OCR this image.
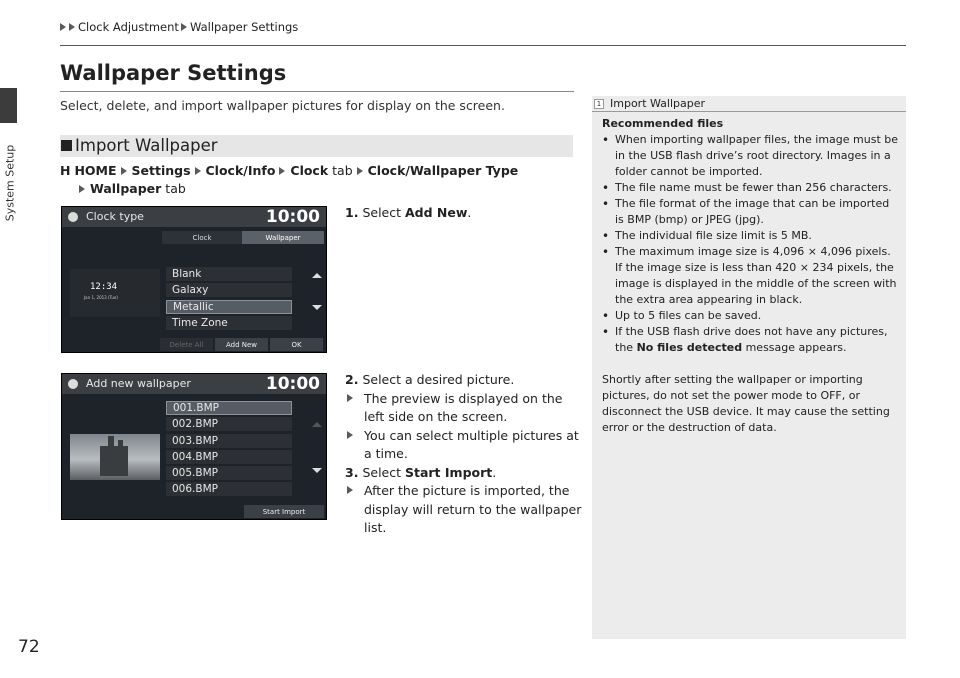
System Setup
72
Clock Adjustment Wallpaper Settings
Wallpaper Settings
Select, delete, and import wallpaper pictures for display on the screen.
Import Wallpaper
H HOME Settings Clock/Info Clock tab Clock/Wallpaper Type
Wallpaper tab
1. Select Add New.
Clock type	10:00
Clock	Wallpaper
12:34
Jan 1, 2013 (Tue)
Blank
Galaxy
Metallic
Time Zone
Delete All	Add New	OK
2. Select a desired picture.
The preview is displayed on the left side on the screen.
You can select multiple pictures at a time.
3. Select Start Import.
After the picture is imported, the display will return to the wallpaper list.
Add new wallpaper	10:00
001.BMP
002.BMP
003.BMP
004.BMP
005.BMP
006.BMP
Start Import
1 Import Wallpaper
Recommended files
• When importing wallpaper files, the image must be in the USB flash drive’s root directory. Images in a folder cannot be imported.
• The file name must be fewer than 256 characters.
• The file format of the image that can be imported is BMP (bmp) or JPEG (jpg).
• The individual file size limit is 5 MB.
• The maximum image size is 4,096 × 4,096 pixels. If the image size is less than 420 × 234 pixels, the image is displayed in the middle of the screen with the extra area appearing in black.
• Up to 5 files can be saved.
• If the USB flash drive does not have any pictures, the No files detected message appears.
Shortly after setting the wallpaper or importing pictures, do not set the power mode to OFF, or disconnect the USB device. It may cause the setting error or the destruction of data.
